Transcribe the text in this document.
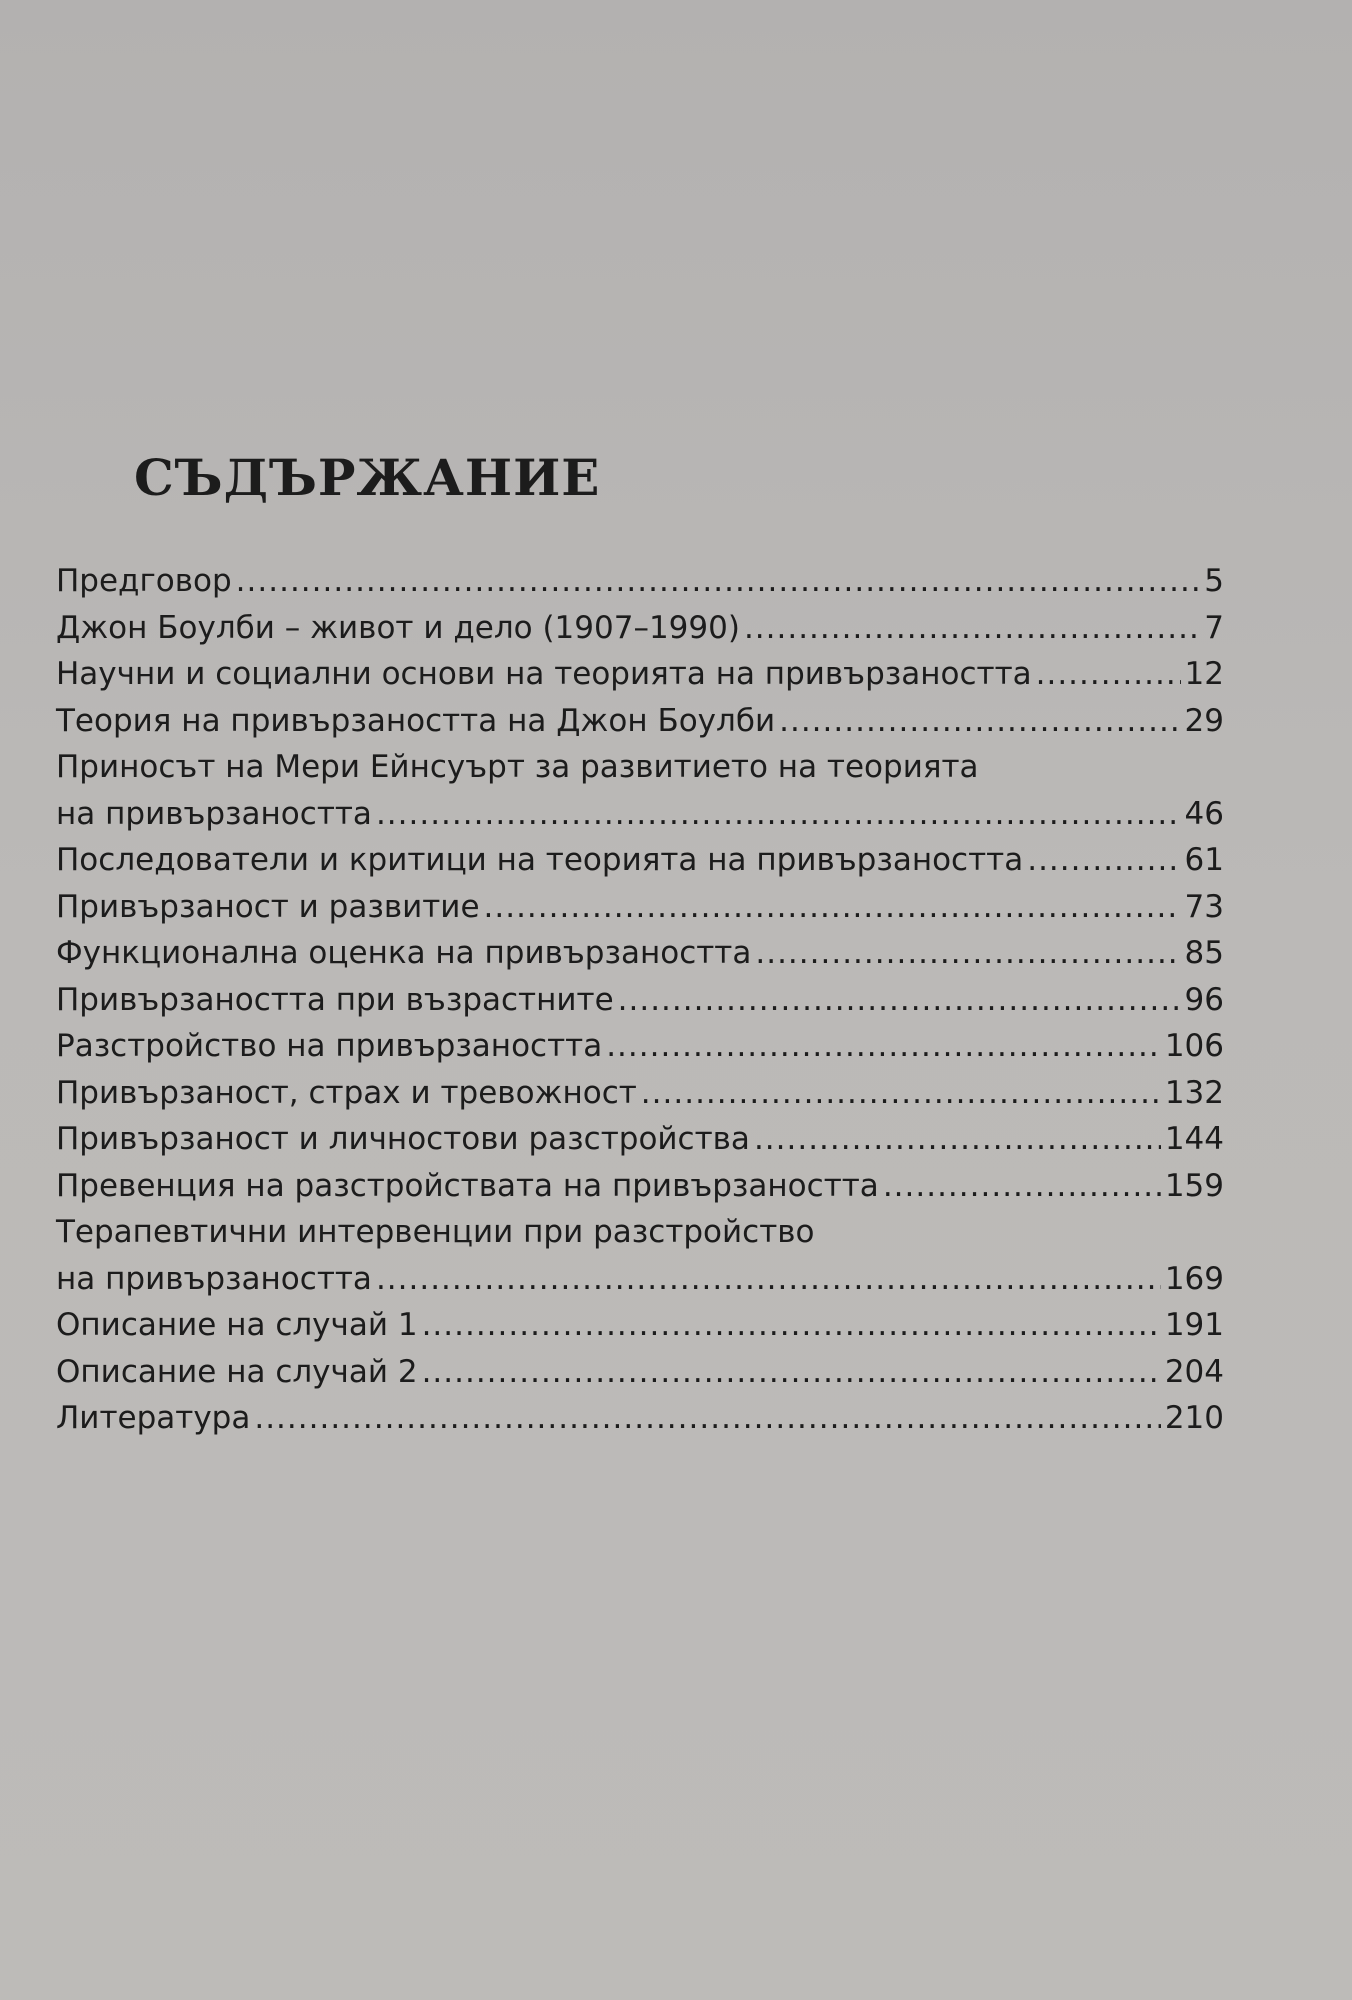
СЪДЪРЖАНИЕ
Предговор .....	5
Джон Боулби – живот и дело (1907–1990) .....	7
Научни и социални основи на теорията на привързаността .....	12
Теория на привързаността на Джон Боулби .....	29
Приносът на Мери Ейнсуърт за развитието на теорията
на привързаността .....	46
Последователи и критици на теорията на привързаността .....	61
Привързаност и развитие .....	73
Функционална оценка на привързаността .....	85
Привързаността при възрастните .....	96
Разстройство на привързаността .....	106
Привързаност, страх и тревожност .....	132
Привързаност и личностови разстройства .....	144
Превенция на разстройствата на привързаността .....	159
Терапевтични интервенции при разстройство
на привързаността .....	169
Описание на случай 1 .....	191
Описание на случай 2 .....	204
Литература .....	210
